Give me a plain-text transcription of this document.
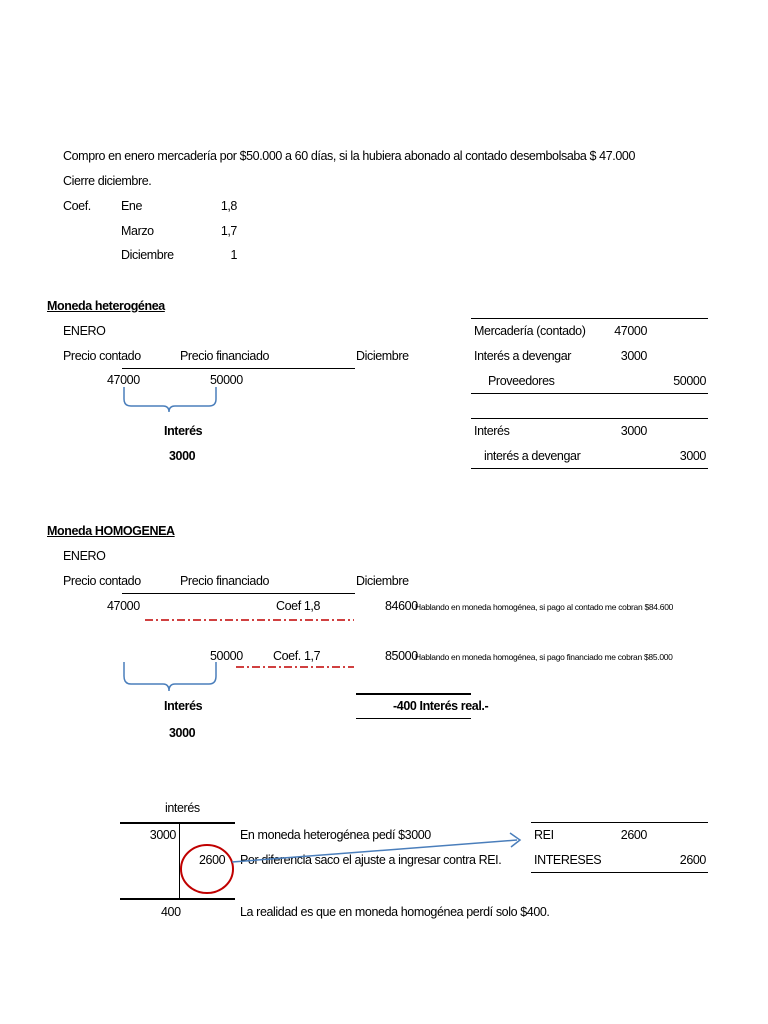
Compro en enero mercadería por $50.000 a 60 días, si la hubiera abonado al contado desembolsaba $ 47.000
Cierre diciembre.
Coef. Ene	1,8
Marzo	1,7
Diciembre	1
Moneda heterogénea
ENERO
Precio contado	Precio financiado	Diciembre
47000	50000
Interés
3000
Mercadería (contado)	47000
Interés a devengar	3000
Proveedores	50000
Interés	3000
interés a devengar	3000
Moneda HOMOGENEA
ENERO
Precio contado	Precio financiado	Diciembre
47000	Coef 1,8	84600
Hablando en moneda homogénea, si pago al contado me cobran $84.600
50000 Coef. 1,7	85000
Hablando en moneda homogénea, si pago financiado me cobran $85.000
Interés
3000
-400 Interés real.-
interés
3000
2600
400
En moneda heterogénea pedí $3000
Por diferencia saco el ajuste a ingresar contra REI.
La realidad es que en moneda homogénea perdí solo $400.
REI	2600
INTERESES	2600
